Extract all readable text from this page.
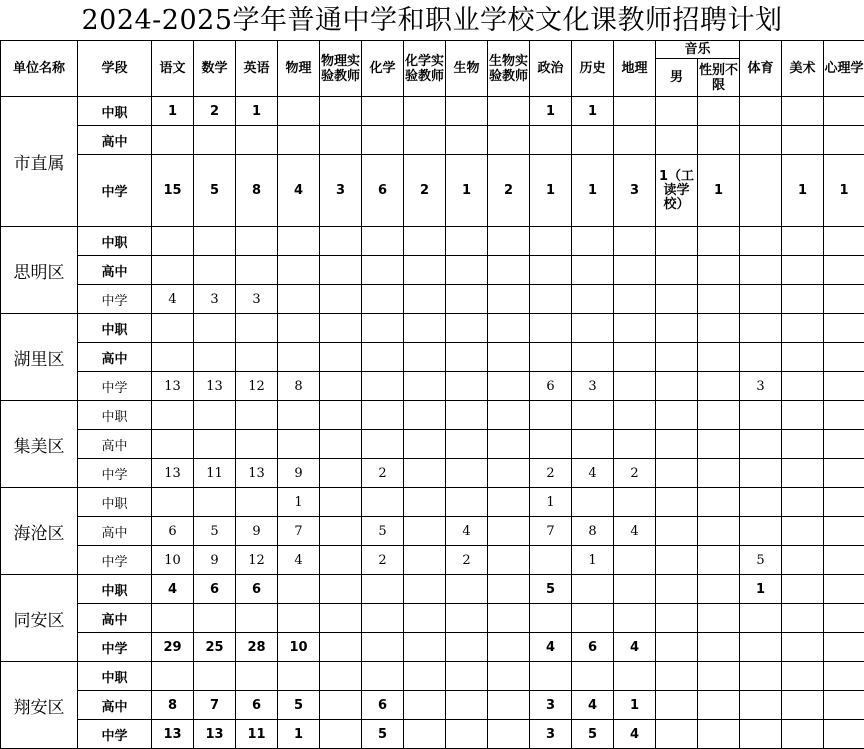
2024-2025学年普通中学和职业学校文化课教师招聘计划
单位名称	学段	语文	数学	英语	物理	物理实验教师	化学	化学实验教师	生物	生物实验教师	政治	历史	地理	音乐		体育	美术	心理学
														男	性别不限			
市直属	中职	1	2	1							1	1						
	高中																	
	中学	15	5	8	4	3	6	2	1	2	1	1	3	1（工读学校）	1		1	1
思明区	中职																	
	高中																	
	中学	4	3	3														
湖里区	中职																	
	高中																	
	中学	13	13	12	8						6	3				3		
集美区	中职																	
	高中																	
	中学	13	11	13	9		2				2	4	2					
海沧区	中职				1						1							
	高中	6	5	9	7		5		4		7	8	4					
	中学	10	9	12	4		2		2			1				5		
同安区	中职	4	6	6							5					1		
	高中																	
	中学	29	25	28	10						4	6	4					
翔安区	中职																	
	高中	8	7	6	5		6				3	4	1					
	中学	13	13	11	1		5				3	5	4					
